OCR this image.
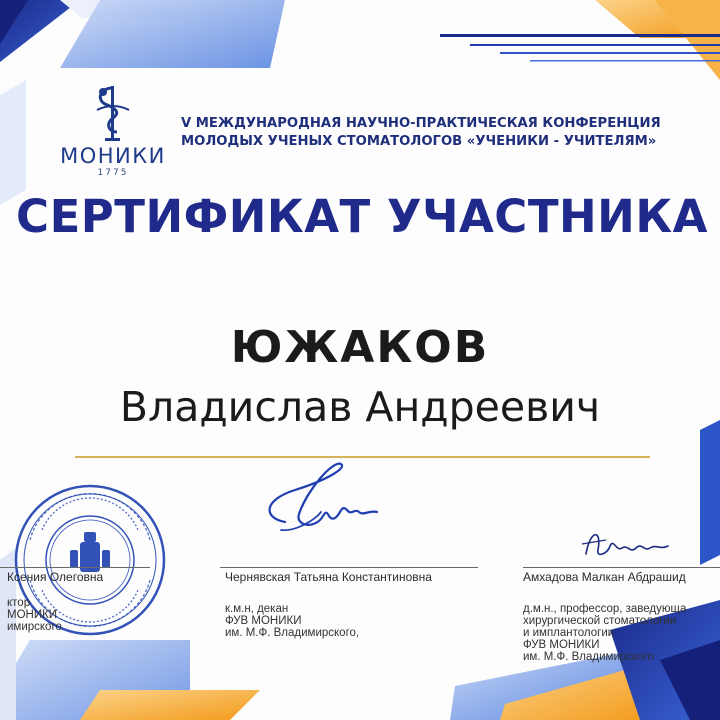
МОНИКИ
1775
V МЕЖДУНАРОДНАЯ НАУЧНО-ПРАКТИЧЕСКАЯ КОНФЕРЕНЦИЯ
МОЛОДЫХ УЧЕНЫХ СТОМАТОЛОГОВ «УЧЕНИКИ - УЧИТЕЛЯМ»
СЕРТИФИКАТ УЧАСТНИКА
ЮЖАКОВ
Владислав Андреевич
Ксения Олеговна
ктор
МОНИКИ
имирского
Чернявская Татьяна Константиновна
к.м.н, декан
ФУВ МОНИКИ
им. М.Ф. Владимирского,
Амхадова Малкан Абдрашид
д.м.н., профессор, заведующа
хирургической стоматологии
и имплантологии
ФУВ МОНИКИ
им. М.Ф. Владимирского
